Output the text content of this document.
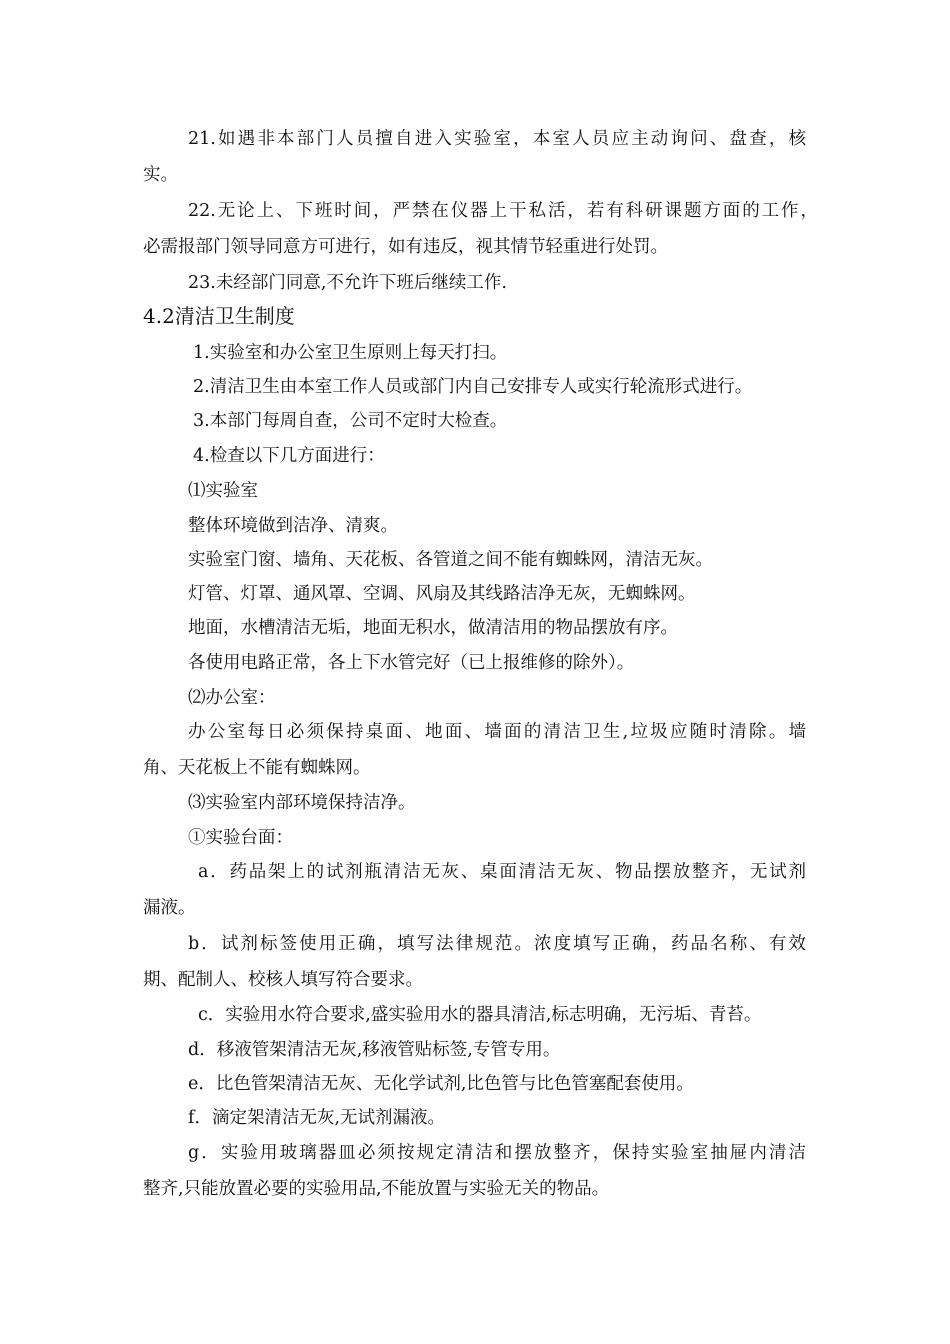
21.如遇非本部门人员擅自进入实验室，本室人员应主动询问、盘查，核
实。
22.无论上、下班时间，严禁在仪器上干私活，若有科研课题方面的工作，
必需报部门领导同意方可进行，如有违反，视其情节轻重进行处罚。
23.未经部门同意,不允许下班后继续工作.
4.2清洁卫生制度
1.实验室和办公室卫生原则上每天打扫。
2.清洁卫生由本室工作人员或部门内自己安排专人或实行轮流形式进行。
3.本部门每周自查，公司不定时大检查。
4.检查以下几方面进行：
⑴实验室
整体环境做到洁净、清爽。
实验室门窗、墙角、天花板、各管道之间不能有蜘蛛网，清洁无灰。
灯管、灯罩、通风罩、空调、风扇及其线路洁净无灰，无蜘蛛网。
地面，水槽清洁无垢，地面无积水，做清洁用的物品摆放有序。
各使用电路正常，各上下水管完好（已上报维修的除外）。
⑵办公室：
办公室每日必须保持桌面、地面、墙面的清洁卫生,垃圾应随时清除。墙
角、天花板上不能有蜘蛛网。
⑶实验室内部环境保持洁净。
①实验台面：
a．药品架上的试剂瓶清洁无灰、桌面清洁无灰、物品摆放整齐，无试剂
漏液。
b．试剂标签使用正确，填写法律规范。浓度填写正确，药品名称、有效
期、配制人、校核人填写符合要求。
c．实验用水符合要求,盛实验用水的器具清洁,标志明确，无污垢、青苔。
d．移液管架清洁无灰,移液管贴标签,专管专用。
e．比色管架清洁无灰、无化学试剂,比色管与比色管塞配套使用。
f．滴定架清洁无灰,无试剂漏液。
g．实验用玻璃器皿必须按规定清洁和摆放整齐，保持实验室抽屉内清洁
整齐,只能放置必要的实验用品,不能放置与实验无关的物品。
